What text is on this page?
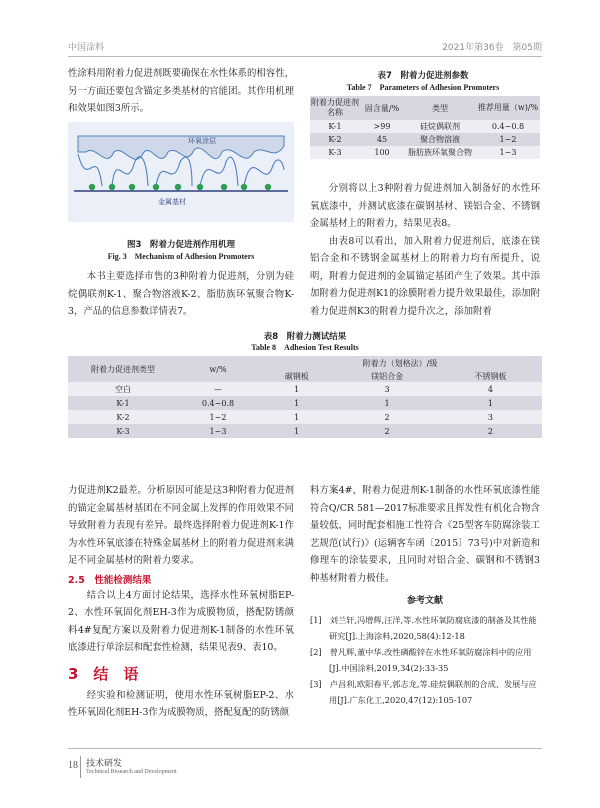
中国涂料	2021年第36卷　第05期

性涂料用附着力促进剂既要确保在水性体系的相容性，另一方面还要包含锚定多类基材的官能团。其作用机理和效果如图3所示。

环氧涂层
金属基材
图3　附着力促进剂作用机理
Fig. 3　Mechanism of Adhesion Promoters

本书主要选择市售的3种附着力促进剂，分别为硅烷偶联剂K-1、聚合物溶液K-2、脂肪族环氧聚合物K-3，产品的信息参数详情表7。

表7　附着力促进剂参数
Table 7　Parameters of Adhesion Promoters
附着力促进剂名称	固含量/%	类型	推荐用量（w)/%
K-1	>99	硅烷偶联剂	0.4~0.8
K-2	45	聚合物溶液	1~2
K-3	100	脂肪族环氧聚合物	1~3

分别将以上3种附着力促进剂加入制备好的水性环氧底漆中，并测试底漆在碳钢基材、镁铝合金、不锈钢金属基材上的附着力，结果见表8。

由表8可以看出，加入附着力促进剂后，底漆在镁铝合金和不锈钢金属基材上的附着力均有所提升，说明，附着力促进剂的金属锚定基团产生了效果。其中添加附着力促进剂K1的涂膜附着力提升效果最佳，添加附着力促进剂K3的附着力提升次之，添加附着

表8　附着力测试结果
Table 8　Adhesion Test Results
附着力促进剂类型	w/%	附着力（划格法）/级		
		碳钢板	镁铝合金	不锈钢板
空白	—	1	3	4
K-1	0.4~0.8	1	1	1
K-2	1~2	1	2	3
K-3	1~3	1	2	2

力促进剂K2最差。分析原因可能是这3种附着力促进剂的锚定金属基材基团在不同金属上发挥的作用效果不同导致附着力表现有差异。最终选择附着力促进剂K-1作为水性环氧底漆在特殊金属基材上的附着力促进剂来满足不同金属基材的附着力要求。

2.5　性能检测结果

结合以上4方面讨论结果，选择水性环氧树脂EP-2、水性环氧固化剂EH-3作为成膜物质，搭配防锈颜料4#复配方案以及附着力促进剂K-1制备的水性环氧底漆进行单涂层和配套性检测，结果见表9、表10。

3　结　语

经实验和检测证明，使用水性环氧树脂EP-2、水性环氧固化剂EH-3作为成膜物质，搭配复配的防锈颜

料方案4#，附着力促进剂K-1制备的水性环氧底漆性能符合Q/CR 581—2017标准要求且挥发性有机化合物含量较低，同时配套相施工性符合《25型客车防腐涂装工艺规范(试行)》(运辆客车函〔2015〕73号)中对新造和修理车的涂装要求，且同时对铝合金、碳钢和不锈钢3种基材附着力极佳。

参考文献
[1]　刘兰轩,冯增辉,汪洋,等.水性环氧防腐底漆的制备及其性能研究[J].上海涂料,2020,58(4):12-18
[2]　曾凡辉,董中华.改性磷酸锌在水性环氧防腐涂料中的应用[J].中国涂料,2019,34(2):33-35
[3]　卢昌利,欧阳春平,郭志龙,等.硅烷偶联剂的合成、发展与应用[J].广东化工,2020,47(12):105-107
18 技术研发
Technical Research and Development
